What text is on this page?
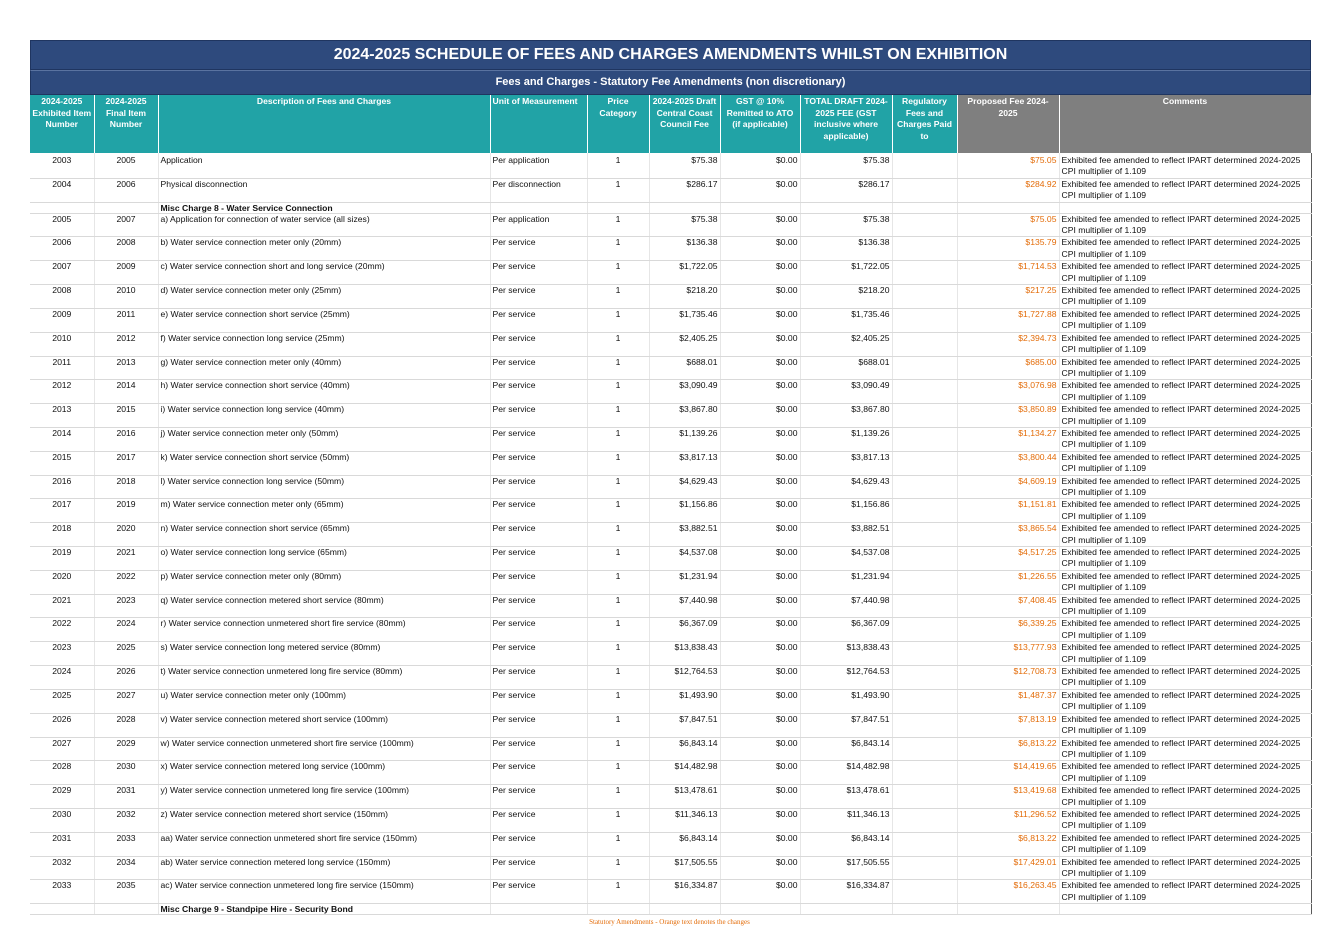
2024-2025 SCHEDULE OF FEES AND CHARGES AMENDMENTS WHILST ON EXHIBITION
Fees and Charges - Statutory Fee Amendments (non discretionary)
2024-2025 Exhibited Item Number	2024-2025 Final Item Number	Description of Fees and Charges	Unit of Measurement	Price Category	2024-2025 Draft Central Coast Council Fee	GST @ 10% Remitted to ATO (if applicable)	TOTAL DRAFT 2024-2025 FEE (GST inclusive where applicable)	Regulatory Fees and Charges Paid to	Proposed Fee 2024-2025	Comments
2003	2005	Application	Per application	1	$75.38	$0.00	$75.38		$75.05	Exhibited fee amended to reflect IPART determined 2024-2025 CPI multiplier of 1.109
2004	2006	Physical disconnection	Per disconnection	1	$286.17	$0.00	$286.17		$284.92	Exhibited fee amended to reflect IPART determined 2024-2025 CPI multiplier of 1.109
		Misc Charge 8 - Water Service Connection								
2005	2007	a) Application for connection of water service (all sizes)	Per application	1	$75.38	$0.00	$75.38		$75.05	Exhibited fee amended to reflect IPART determined 2024-2025 CPI multiplier of 1.109
2006	2008	b) Water service connection meter only (20mm)	Per service	1	$136.38	$0.00	$136.38		$135.79	Exhibited fee amended to reflect IPART determined 2024-2025 CPI multiplier of 1.109
2007	2009	c) Water service connection short and long service (20mm)	Per service	1	$1,722.05	$0.00	$1,722.05		$1,714.53	Exhibited fee amended to reflect IPART determined 2024-2025 CPI multiplier of 1.109
2008	2010	d) Water service connection meter only (25mm)	Per service	1	$218.20	$0.00	$218.20		$217.25	Exhibited fee amended to reflect IPART determined 2024-2025 CPI multiplier of 1.109
2009	2011	e) Water service connection short service (25mm)	Per service	1	$1,735.46	$0.00	$1,735.46		$1,727.88	Exhibited fee amended to reflect IPART determined 2024-2025 CPI multiplier of 1.109
2010	2012	f) Water service connection long service (25mm)	Per service	1	$2,405.25	$0.00	$2,405.25		$2,394.73	Exhibited fee amended to reflect IPART determined 2024-2025 CPI multiplier of 1.109
2011	2013	g) Water service connection meter only (40mm)	Per service	1	$688.01	$0.00	$688.01		$685.00	Exhibited fee amended to reflect IPART determined 2024-2025 CPI multiplier of 1.109
2012	2014	h) Water service connection short service (40mm)	Per service	1	$3,090.49	$0.00	$3,090.49		$3,076.98	Exhibited fee amended to reflect IPART determined 2024-2025 CPI multiplier of 1.109
2013	2015	i) Water service connection long service (40mm)	Per service	1	$3,867.80	$0.00	$3,867.80		$3,850.89	Exhibited fee amended to reflect IPART determined 2024-2025 CPI multiplier of 1.109
2014	2016	j) Water service connection meter only (50mm)	Per service	1	$1,139.26	$0.00	$1,139.26		$1,134.27	Exhibited fee amended to reflect IPART determined 2024-2025 CPI multiplier of 1.109
2015	2017	k) Water service connection short service (50mm)	Per service	1	$3,817.13	$0.00	$3,817.13		$3,800.44	Exhibited fee amended to reflect IPART determined 2024-2025 CPI multiplier of 1.109
2016	2018	l) Water service connection long service (50mm)	Per service	1	$4,629.43	$0.00	$4,629.43		$4,609.19	Exhibited fee amended to reflect IPART determined 2024-2025 CPI multiplier of 1.109
2017	2019	m) Water service connection meter only (65mm)	Per service	1	$1,156.86	$0.00	$1,156.86		$1,151.81	Exhibited fee amended to reflect IPART determined 2024-2025 CPI multiplier of 1.109
2018	2020	n) Water service connection short service (65mm)	Per service	1	$3,882.51	$0.00	$3,882.51		$3,865.54	Exhibited fee amended to reflect IPART determined 2024-2025 CPI multiplier of 1.109
2019	2021	o) Water service connection long service (65mm)	Per service	1	$4,537.08	$0.00	$4,537.08		$4,517.25	Exhibited fee amended to reflect IPART determined 2024-2025 CPI multiplier of 1.109
2020	2022	p) Water service connection meter only (80mm)	Per service	1	$1,231.94	$0.00	$1,231.94		$1,226.55	Exhibited fee amended to reflect IPART determined 2024-2025 CPI multiplier of 1.109
2021	2023	q) Water service connection metered short service (80mm)	Per service	1	$7,440.98	$0.00	$7,440.98		$7,408.45	Exhibited fee amended to reflect IPART determined 2024-2025 CPI multiplier of 1.109
2022	2024	r) Water service connection unmetered short fire service (80mm)	Per service	1	$6,367.09	$0.00	$6,367.09		$6,339.25	Exhibited fee amended to reflect IPART determined 2024-2025 CPI multiplier of 1.109
2023	2025	s) Water service connection long metered service (80mm)	Per service	1	$13,838.43	$0.00	$13,838.43		$13,777.93	Exhibited fee amended to reflect IPART determined 2024-2025 CPI multiplier of 1.109
2024	2026	t) Water service connection unmetered long fire service (80mm)	Per service	1	$12,764.53	$0.00	$12,764.53		$12,708.73	Exhibited fee amended to reflect IPART determined 2024-2025 CPI multiplier of 1.109
2025	2027	u) Water service connection meter only (100mm)	Per service	1	$1,493.90	$0.00	$1,493.90		$1,487.37	Exhibited fee amended to reflect IPART determined 2024-2025 CPI multiplier of 1.109
2026	2028	v) Water service connection metered short service (100mm)	Per service	1	$7,847.51	$0.00	$7,847.51		$7,813.19	Exhibited fee amended to reflect IPART determined 2024-2025 CPI multiplier of 1.109
2027	2029	w) Water service connection unmetered short fire service (100mm)	Per service	1	$6,843.14	$0.00	$6,843.14		$6,813.22	Exhibited fee amended to reflect IPART determined 2024-2025 CPI multiplier of 1.109
2028	2030	x) Water service connection metered long service (100mm)	Per service	1	$14,482.98	$0.00	$14,482.98		$14,419.65	Exhibited fee amended to reflect IPART determined 2024-2025 CPI multiplier of 1.109
2029	2031	y) Water service connection unmetered long fire service (100mm)	Per service	1	$13,478.61	$0.00	$13,478.61		$13,419.68	Exhibited fee amended to reflect IPART determined 2024-2025 CPI multiplier of 1.109
2030	2032	z) Water service connection metered short service (150mm)	Per service	1	$11,346.13	$0.00	$11,346.13		$11,296.52	Exhibited fee amended to reflect IPART determined 2024-2025 CPI multiplier of 1.109
2031	2033	aa) Water service connection unmetered short fire service (150mm)	Per service	1	$6,843.14	$0.00	$6,843.14		$6,813.22	Exhibited fee amended to reflect IPART determined 2024-2025 CPI multiplier of 1.109
2032	2034	ab) Water service connection metered long service (150mm)	Per service	1	$17,505.55	$0.00	$17,505.55		$17,429.01	Exhibited fee amended to reflect IPART determined 2024-2025 CPI multiplier of 1.109
2033	2035	ac) Water service connection unmetered long fire service (150mm)	Per service	1	$16,334.87	$0.00	$16,334.87		$16,263.45	Exhibited fee amended to reflect IPART determined 2024-2025 CPI multiplier of 1.109
		Misc Charge 9 - Standpipe Hire - Security Bond								
Statutory Amendments - Orange text denotes the changes
